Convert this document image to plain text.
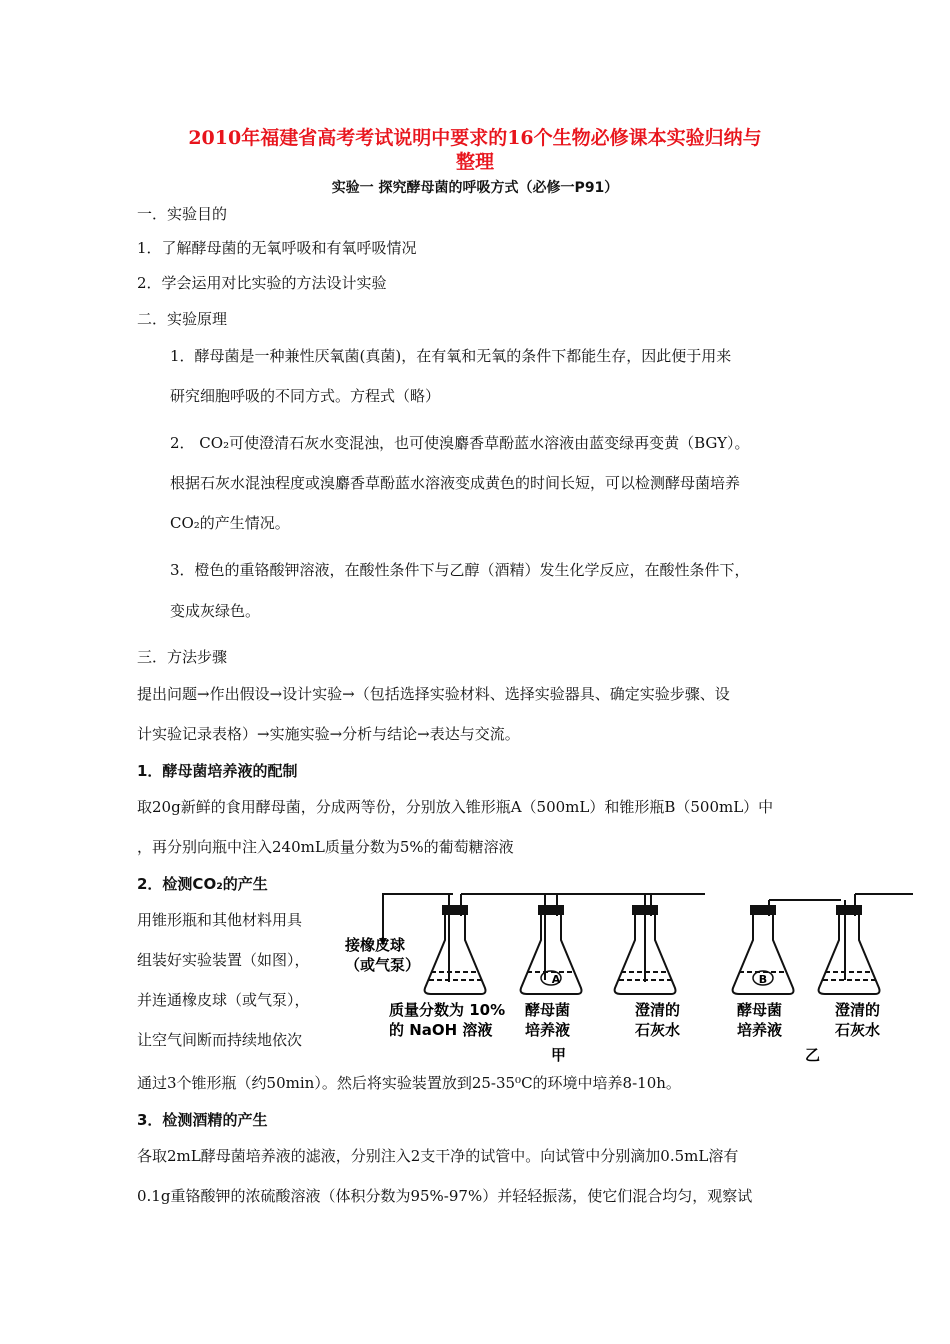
2010年福建省高考考试说明中要求的16个生物必修课本实验归纳与
整理
实验一 探究酵母菌的呼吸方式（必修一P91）
一．实验目的
1．了解酵母菌的无氧呼吸和有氧呼吸情况
2．学会运用对比实验的方法设计实验
二．实验原理
1．酵母菌是一种兼性厌氧菌(真菌)，在有氧和无氧的条件下都能生存，因此便于用来
研究细胞呼吸的不同方式。方程式（略）
2． CO₂可使澄清石灰水变混浊，也可使溴麝香草酚蓝水溶液由蓝变绿再变黄（BGY）。
根据石灰水混浊程度或溴麝香草酚蓝水溶液变成黄色的时间长短，可以检测酵母菌培养
CO₂的产生情况。
3．橙色的重铬酸钾溶液，在酸性条件下与乙醇（酒精）发生化学反应，在酸性条件下，
变成灰绿色。
三．方法步骤
提出问题→作出假设→设计实验→（包括选择实验材料、选择实验器具、确定实验步骤、设
计实验记录表格）→实施实验→分析与结论→表达与交流。
1．酵母菌培养液的配制
取20g新鲜的食用酵母菌，分成两等份，分别放入锥形瓶A（500mL）和锥形瓶B（500mL）中
，再分别向瓶中注入240mL质量分数为5%的葡萄糖溶液
2．检测CO₂的产生
用锥形瓶和其他材料用具
组装好实验装置（如图），
并连通橡皮球（或气泵），
让空气间断而持续地依次
通过3个锥形瓶（约50min）。然后将实验装置放到25-35⁰C的环境中培养8-10h。
3．检测酒精的产生
各取2mL酵母菌培养液的滤液，分别注入2支干净的试管中。向试管中分别滴加0.5mL溶有
0.1g重铬酸钾的浓硫酸溶液（体积分数为95%-97%）并轻轻振荡，使它们混合均匀，观察试
A	B
接橡皮球
（或气泵）
质量分数为 10%
的 NaOH 溶液
酵母菌
培养液
澄清的
石灰水
酵母菌
培养液
澄清的
石灰水
甲	乙
